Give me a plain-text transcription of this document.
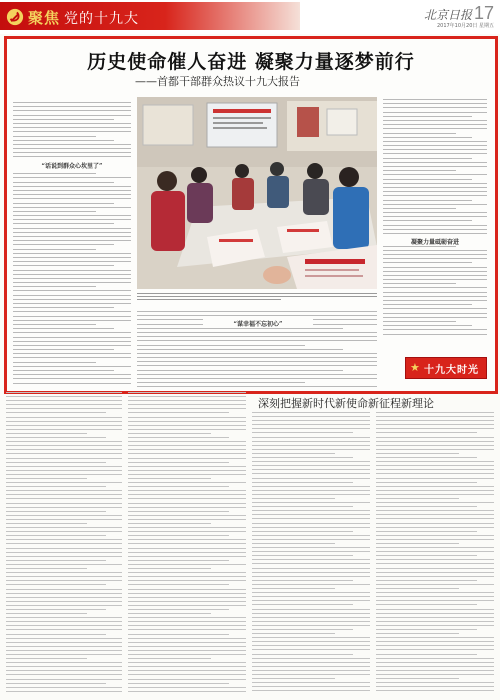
聚焦 党的十九大	北京日报 17
2017年10月20日 星期五
历史使命催人奋进 凝聚力量逐梦前行
——首都干部群众热议十九大报告
“话说到群众心坎里了”
凝聚力量砥砺奋进
“谋幸福不忘初心”
★ 十九大时光
深刻把握新时代新使命新征程新理论
